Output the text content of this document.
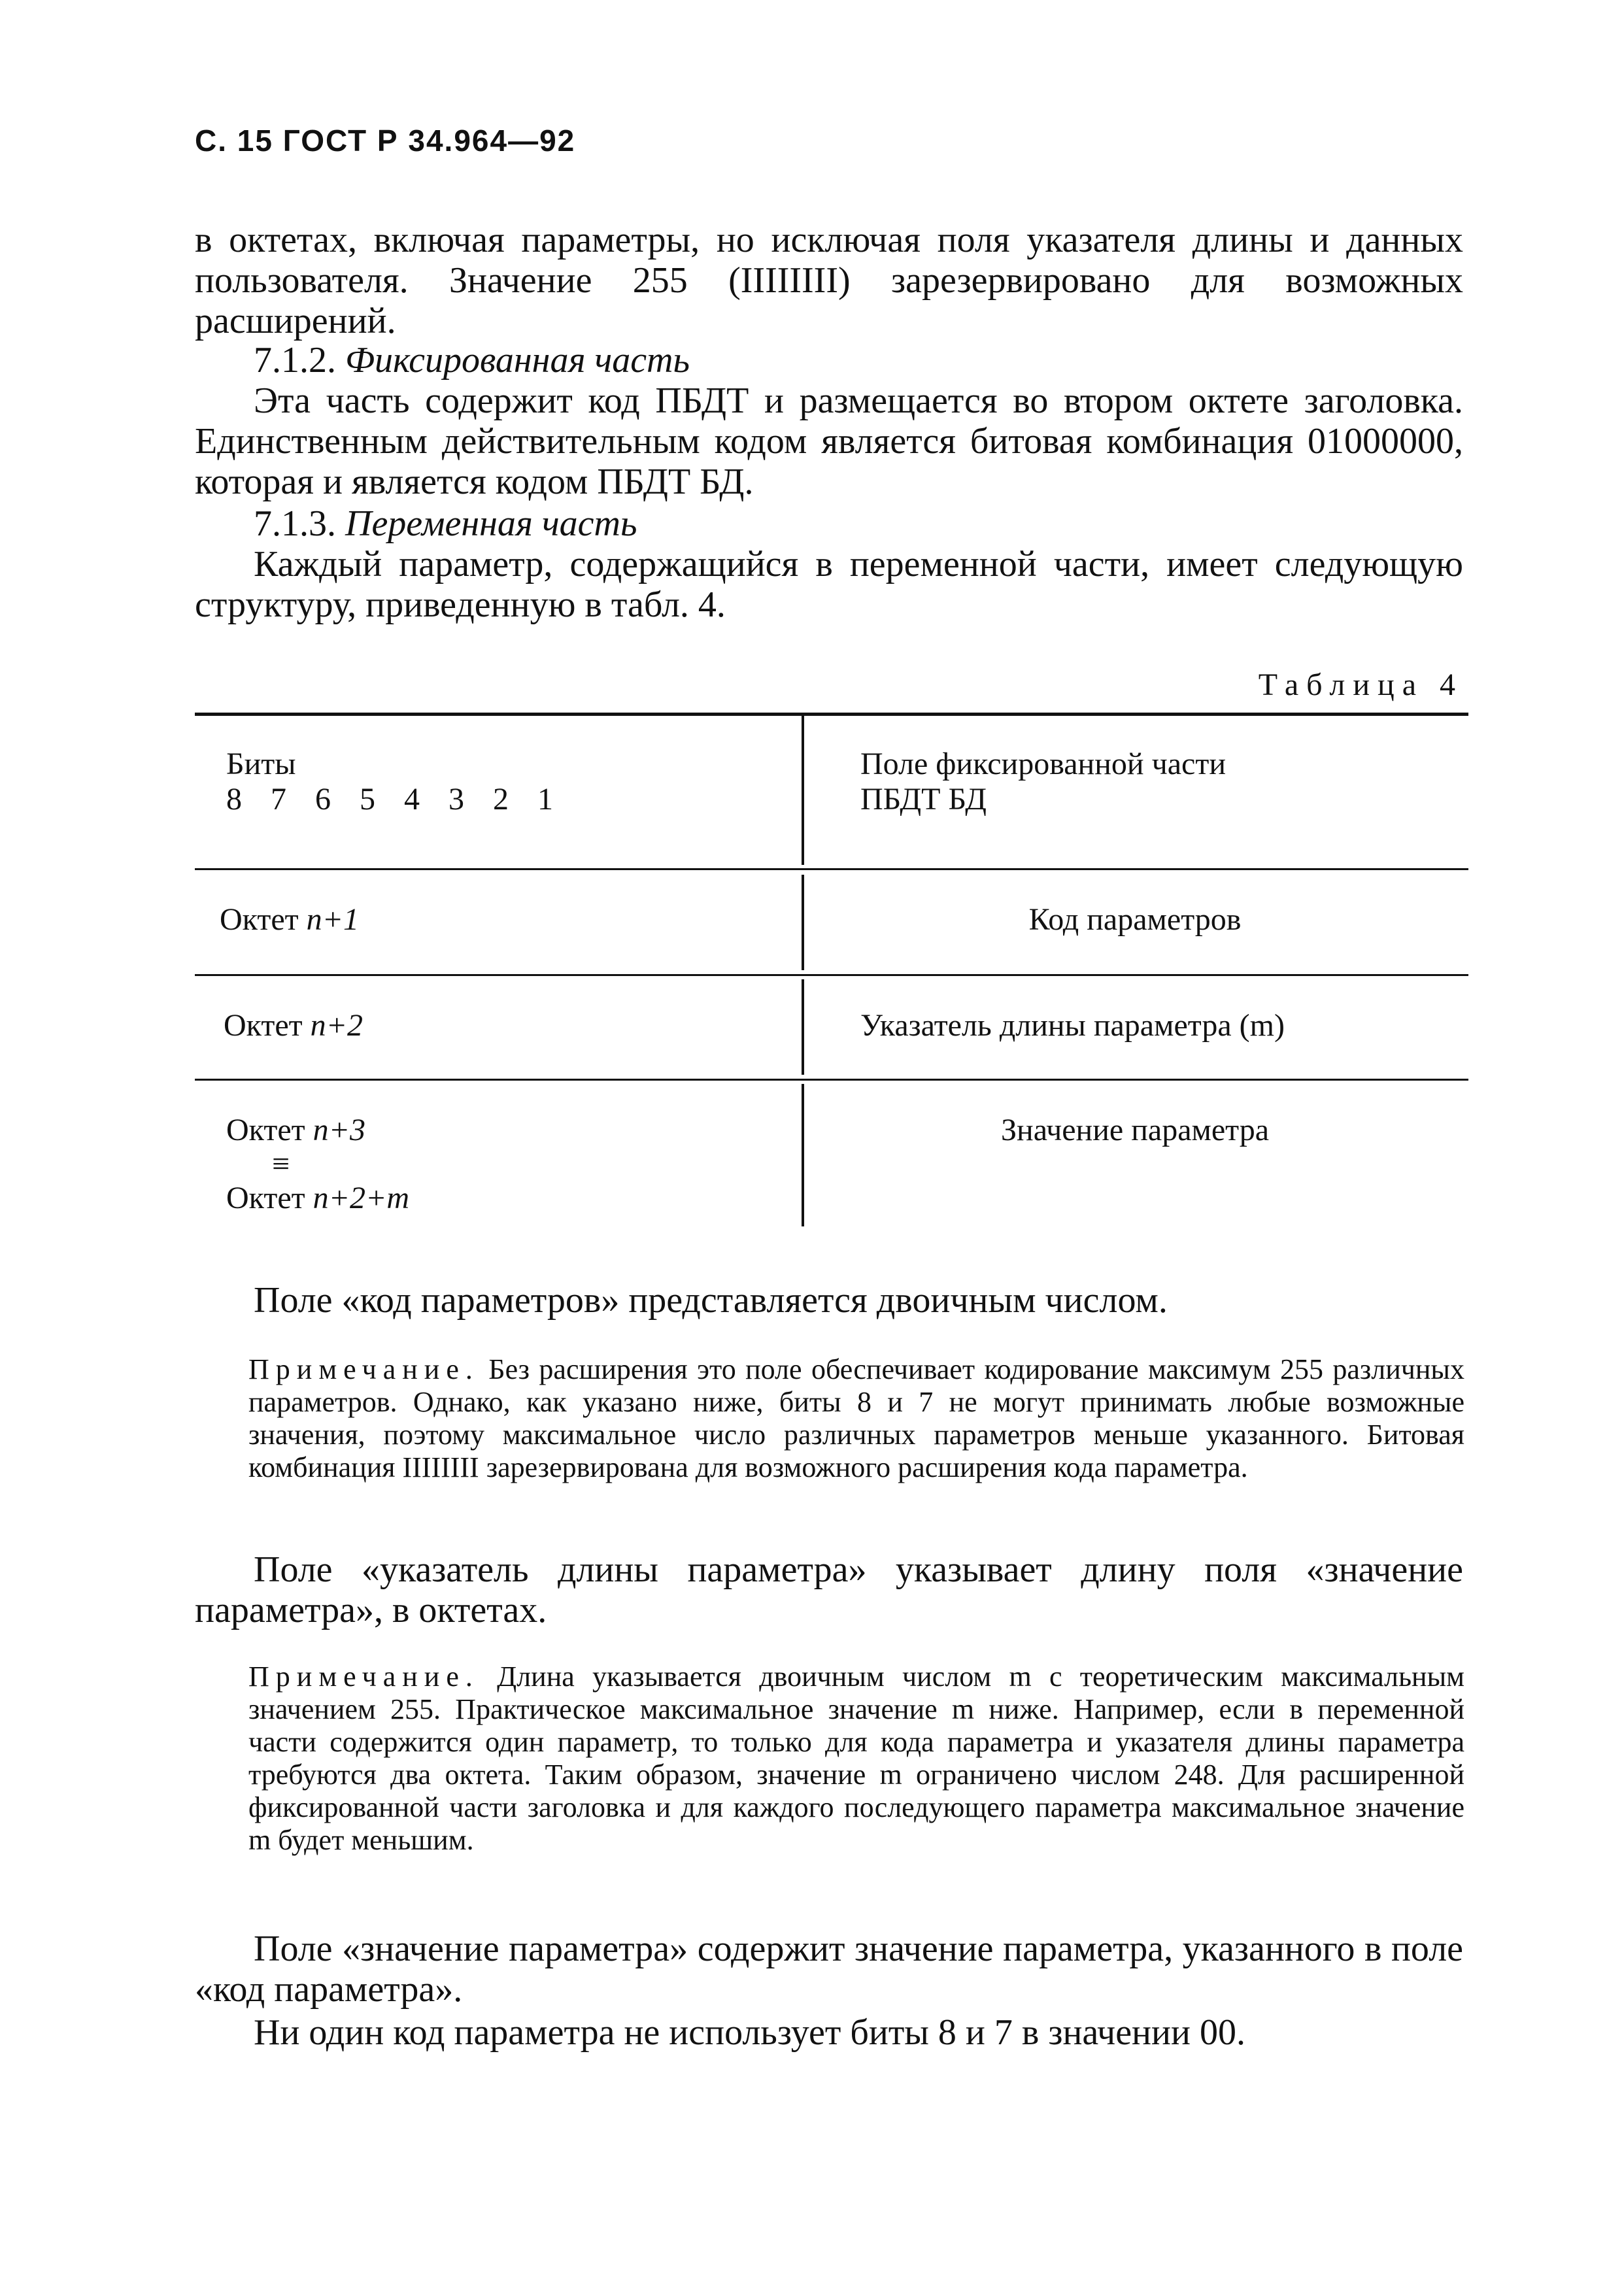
С. 15 ГОСТ Р 34.964—92

в октетах, включая параметры, но исключая поля указателя длины и данных пользователя. Значение 255 (IIIIIIII) зарезервировано для возможных расширений.

7.1.2. Фиксированная часть

Эта часть содержит код ПБДТ и размещается во втором октете заголовка. Единственным действительным кодом является битовая комбинация 01000000, которая и является кодом ПБДТ БД.

7.1.3. Переменная часть

Каждый параметр, содержащийся в переменной части, имеет следующую структуру, приведенную в табл. 4.

Таблица 4
Биты
8 7 6 5 4 3 2 1
Поле фиксированной части
ПБДТ БД
Октет n+1	Код параметров
Октет n+2	Указатель длины параметра (m)
Октет n+3
≡
Октет n+2+m
Значение параметра

Поле «код параметров» представляется двоичным числом.

Примечание. Без расширения это поле обеспечивает кодирование максимум 255 различных параметров. Однако, как указано ниже, биты 8 и 7 не могут принимать любые возможные значения, поэтому максимальное число различных параметров меньше указанного. Битовая комбинация IIIIIIII зарезервирована для возможного расширения кода параметра.

Поле «указатель длины параметра» указывает длину поля «значение параметра», в октетах.

Примечание. Длина указывается двоичным числом m с теоретическим максимальным значением 255. Практическое максимальное значение m ниже. Например, если в переменной части содержится один параметр, то только для кода параметра и указателя длины параметра требуются два октета. Таким образом, значение m ограничено числом 248. Для расширенной фиксированной части заголовка и для каждого последующего параметра максимальное значение m будет меньшим.

Поле «значение параметра» содержит значение параметра, указанного в поле «код параметра».

Ни один код параметра не использует биты 8 и 7 в значении 00.
